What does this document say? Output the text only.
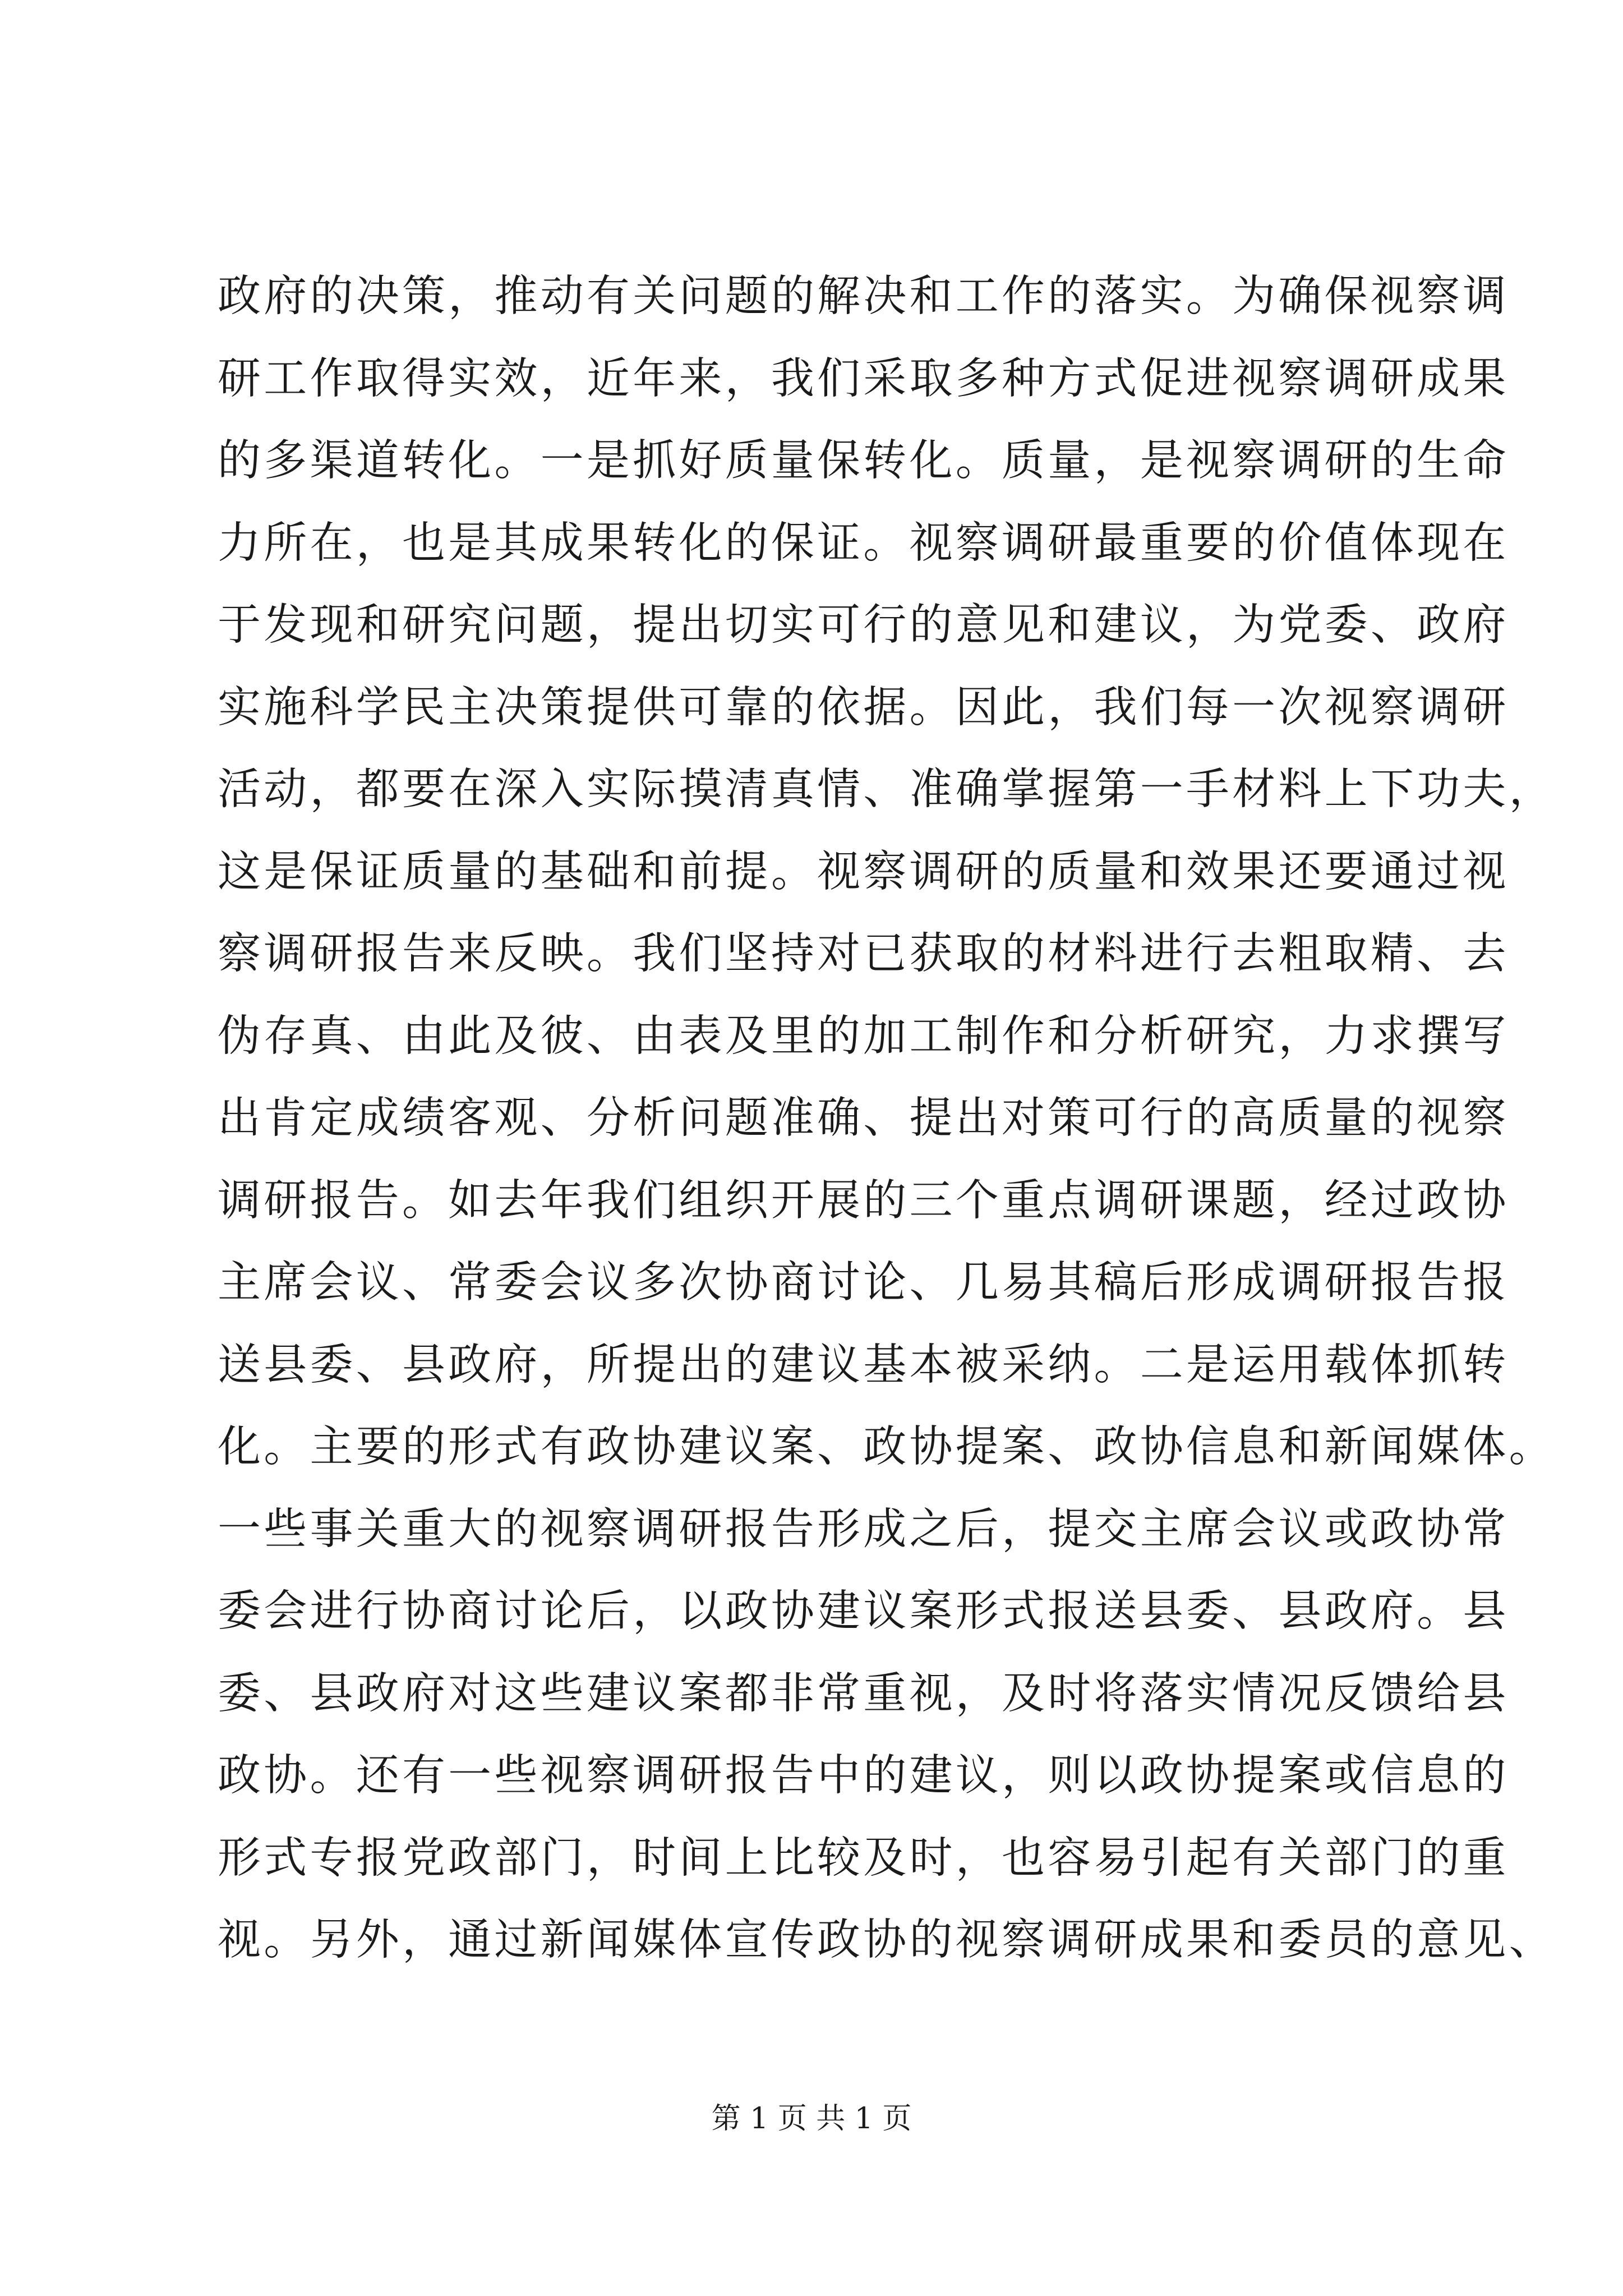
政 府 的 决 策 ， 推 动 有 关 问 题 的 解 决 和 工 作 的 落 实 。 为 确 保 视 察 调
研 工 作 取 得 实 效 ， 近 年 来 ， 我 们 采 取 多 种 方 式 促 进 视 察 调 研 成 果
的 多 渠 道 转 化 。 一 是 抓 好 质 量 保 转 化 。 质 量 ， 是 视 察 调 研 的 生 命
力 所 在 ， 也 是 其 成 果 转 化 的 保 证 。 视 察 调 研 最 重 要 的 价 值 体 现 在
于 发 现 和 研 究 问 题 ， 提 出 切 实 可 行 的 意 见 和 建 议 ， 为 党 委 、 政 府
实 施 科 学 民 主 决 策 提 供 可 靠 的 依 据 。 因 此 ， 我 们 每 一 次 视 察 调 研
活 动 ， 都 要 在 深 入 实 际 摸 清 真 情 、 准 确 掌 握 第 一 手 材 料 上 下 功 夫 ，
这 是 保 证 质 量 的 基 础 和 前 提 。 视 察 调 研 的 质 量 和 效 果 还 要 通 过 视
察 调 研 报 告 来 反 映 。 我 们 坚 持 对 已 获 取 的 材 料 进 行 去 粗 取 精 、 去
伪 存 真 、 由 此 及 彼 、 由 表 及 里 的 加 工 制 作 和 分 析 研 究 ， 力 求 撰 写
出 肯 定 成 绩 客 观 、 分 析 问 题 准 确 、 提 出 对 策 可 行 的 高 质 量 的 视 察
调 研 报 告 。 如 去 年 我 们 组 织 开 展 的 三 个 重 点 调 研 课 题 ， 经 过 政 协
主 席 会 议 、 常 委 会 议 多 次 协 商 讨 论 、 几 易 其 稿 后 形 成 调 研 报 告 报
送 县 委 、 县 政 府 ， 所 提 出 的 建 议 基 本 被 采 纳 。 二 是 运 用 载 体 抓 转
化 。 主 要 的 形 式 有 政 协 建 议 案 、 政 协 提 案 、 政 协 信 息 和 新 闻 媒 体 。
一 些 事 关 重 大 的 视 察 调 研 报 告 形 成 之 后 ， 提 交 主 席 会 议 或 政 协 常
委 会 进 行 协 商 讨 论 后 ， 以 政 协 建 议 案 形 式 报 送 县 委 、 县 政 府 。 县
委 、 县 政 府 对 这 些 建 议 案 都 非 常 重 视 ， 及 时 将 落 实 情 况 反 馈 给 县
政 协 。 还 有 一 些 视 察 调 研 报 告 中 的 建 议 ， 则 以 政 协 提 案 或 信 息 的
形 式 专 报 党 政 部 门 ， 时 间 上 比 较 及 时 ， 也 容 易 引 起 有 关 部 门 的 重
视 。 另 外 ， 通 过 新 闻 媒 体 宣 传 政 协 的 视 察 调 研 成 果 和 委 员 的 意 见 、
第 1 页 共 1 页
